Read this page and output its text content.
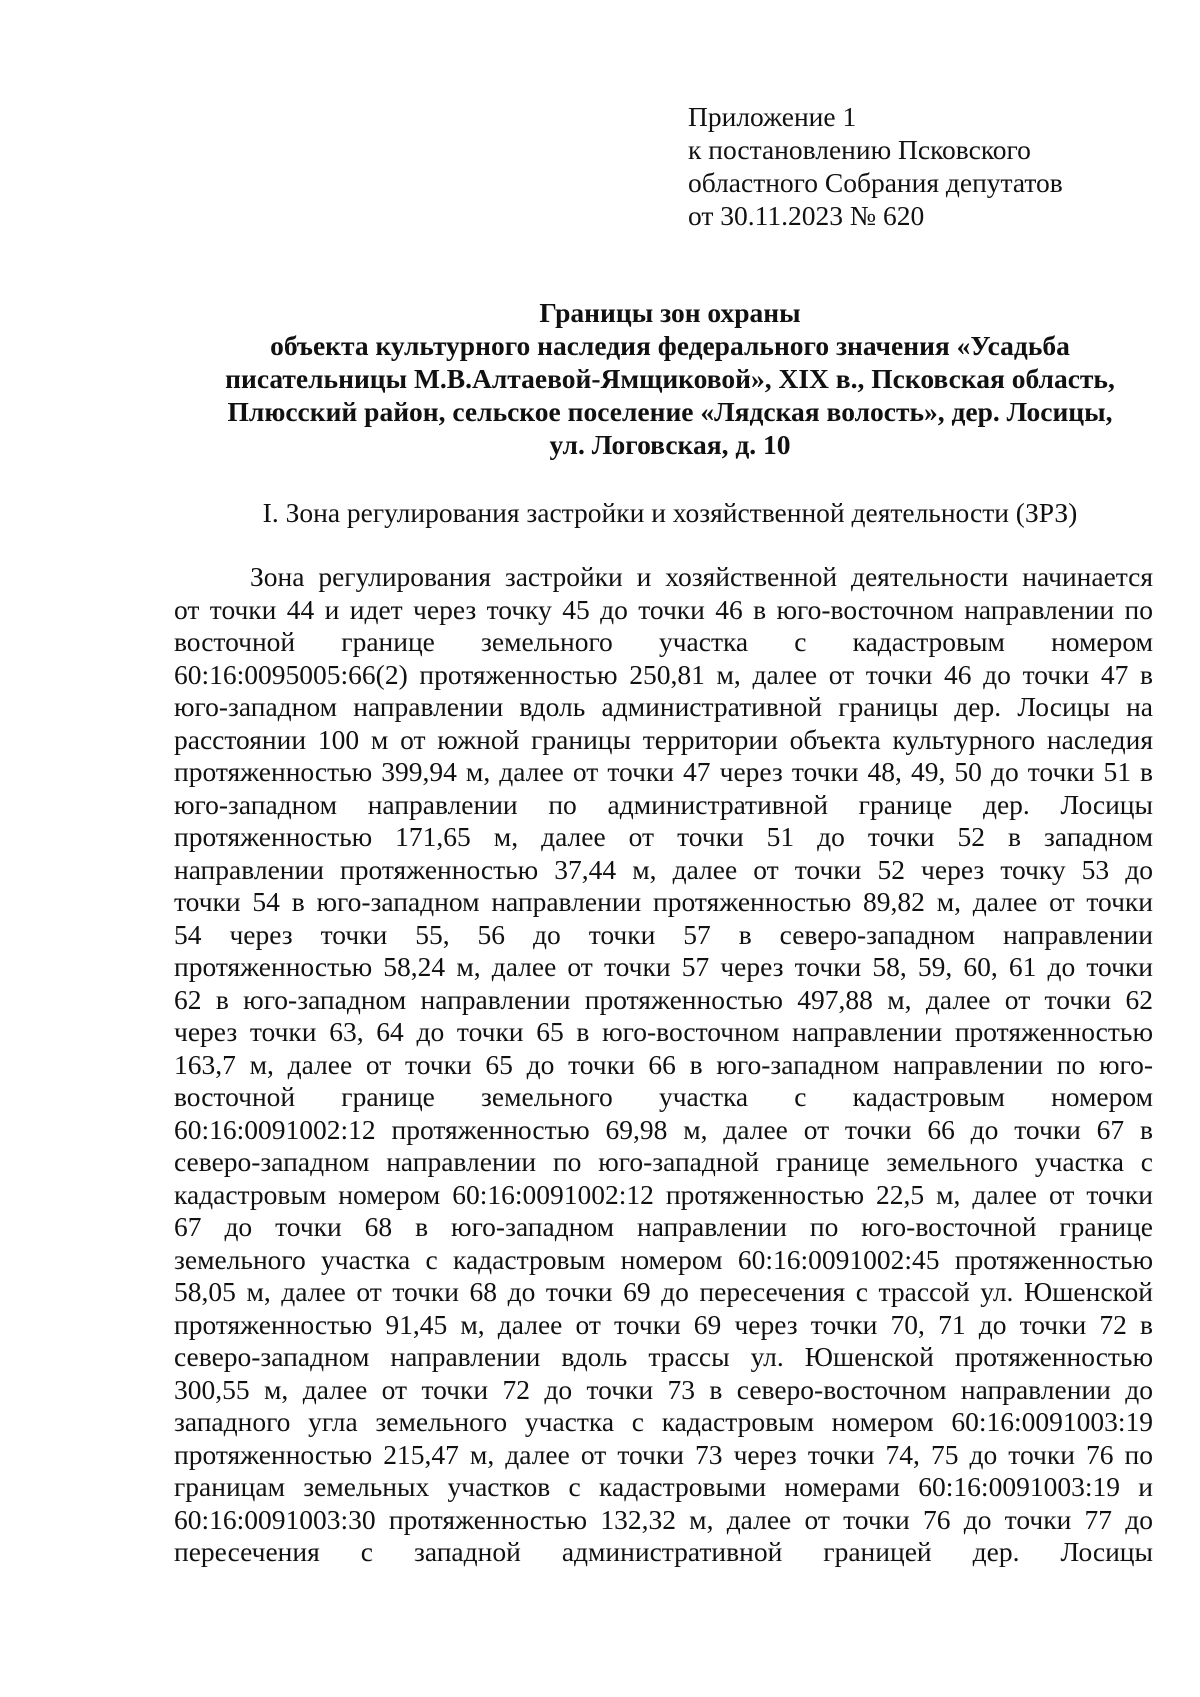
Приложение 1
к постановлению Псковского
областного Собрания депутатов
от 30.11.2023 № 620
Границы зон охраны
объекта культурного наследия федерального значения «Усадьба
писательницы М.В.Алтаевой-Ямщиковой», XIX в., Псковская область,
Плюсский район, сельское поселение «Лядская волость», дер. Лосицы,
ул. Логовская, д. 10
I. Зона регулирования застройки и хозяйственной деятельности (ЗРЗ)
Зона регулирования застройки и хозяйственной деятельности начинается
от точки 44 и идет через точку 45 до точки 46 в юго-восточном направлении по
восточной границе земельного участка с кадастровым номером
60:16:0095005:66(2) протяженностью 250,81 м, далее от точки 46 до точки 47 в
юго-западном направлении вдоль административной границы дер. Лосицы на
расстоянии 100 м от южной границы территории объекта культурного наследия
протяженностью 399,94 м, далее от точки 47 через точки 48, 49, 50 до точки 51 в
юго-западном направлении по административной границе дер. Лосицы
протяженностью 171,65 м, далее от точки 51 до точки 52 в западном
направлении протяженностью 37,44 м, далее от точки 52 через точку 53 до
точки 54 в юго-западном направлении протяженностью 89,82 м, далее от точки
54 через точки 55, 56 до точки 57 в северо-западном направлении
протяженностью 58,24 м, далее от точки 57 через точки 58, 59, 60, 61 до точки
62 в юго-западном направлении протяженностью 497,88 м, далее от точки 62
через точки 63, 64 до точки 65 в юго-восточном направлении протяженностью
163,7 м, далее от точки 65 до точки 66 в юго-западном направлении по юго-
восточной границе земельного участка с кадастровым номером
60:16:0091002:12 протяженностью 69,98 м, далее от точки 66 до точки 67 в
северо-западном направлении по юго-западной границе земельного участка с
кадастровым номером 60:16:0091002:12 протяженностью 22,5 м, далее от точки
67 до точки 68 в юго-западном направлении по юго-восточной границе
земельного участка с кадастровым номером 60:16:0091002:45 протяженностью
58,05 м, далее от точки 68 до точки 69 до пересечения с трассой ул. Юшенской
протяженностью 91,45 м, далее от точки 69 через точки 70, 71 до точки 72 в
северо-западном направлении вдоль трассы ул. Юшенской протяженностью
300,55 м, далее от точки 72 до точки 73 в северо-восточном направлении до
западного угла земельного участка с кадастровым номером 60:16:0091003:19
протяженностью 215,47 м, далее от точки 73 через точки 74, 75 до точки 76 по
границам земельных участков с кадастровыми номерами 60:16:0091003:19 и
60:16:0091003:30 протяженностью 132,32 м, далее от точки 76 до точки 77 до
пересечения с западной административной границей дер. Лосицы
